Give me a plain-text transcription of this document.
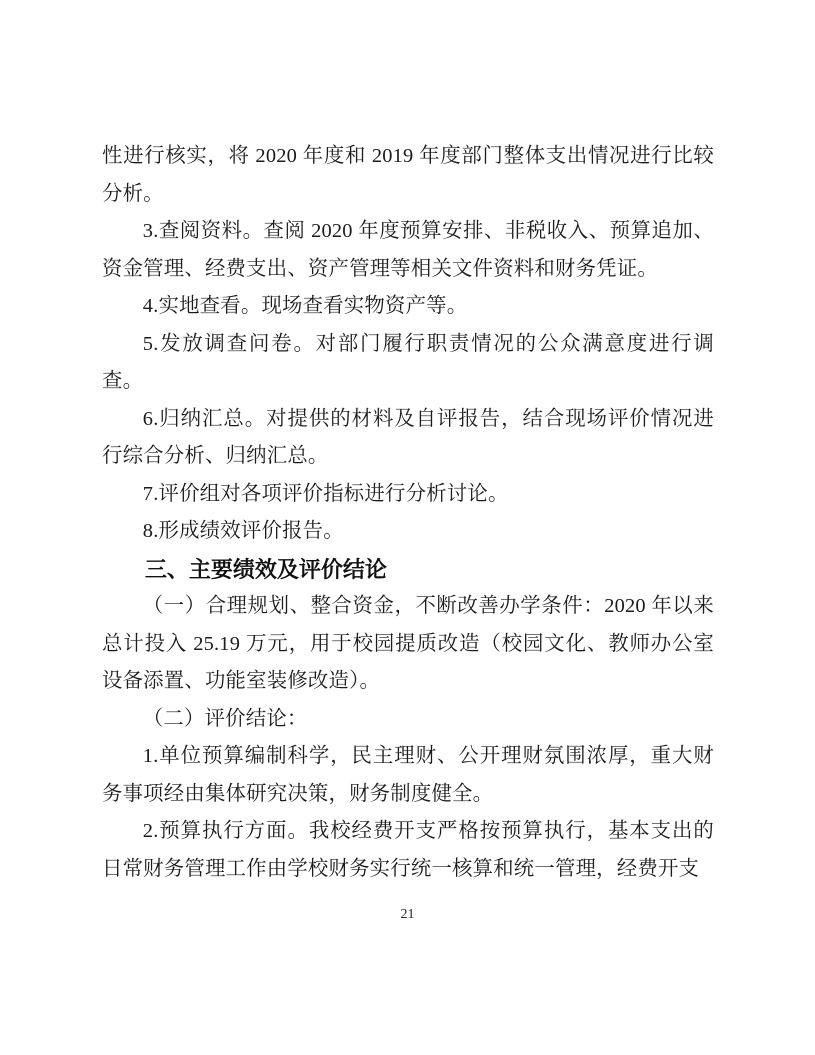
性进行核实，将 2020 年度和 2019 年度部门整体支出情况进行比较分析。

3.查阅资料。查阅 2020 年度预算安排、非税收入、预算追加、资金管理、经费支出、资产管理等相关文件资料和财务凭证。

4.实地查看。现场查看实物资产等。

5.发放调查问卷。对部门履行职责情况的公众满意度进行调查。

6.归纳汇总。对提供的材料及自评报告，结合现场评价情况进行综合分析、归纳汇总。

7.评价组对各项评价指标进行分析讨论。

8.形成绩效评价报告。

三、主要绩效及评价结论

（一）合理规划、整合资金，不断改善办学条件：2020 年以来总计投入 25.19 万元，用于校园提质改造（校园文化、教师办公室设备添置、功能室装修改造）。

（二）评价结论：

1.单位预算编制科学，民主理财、公开理财氛围浓厚，重大财务事项经由集体研究决策，财务制度健全。

2.预算执行方面。我校经费开支严格按预算执行，基本支出的日常财务管理工作由学校财务实行统一核算和统一管理，经费开支

21
